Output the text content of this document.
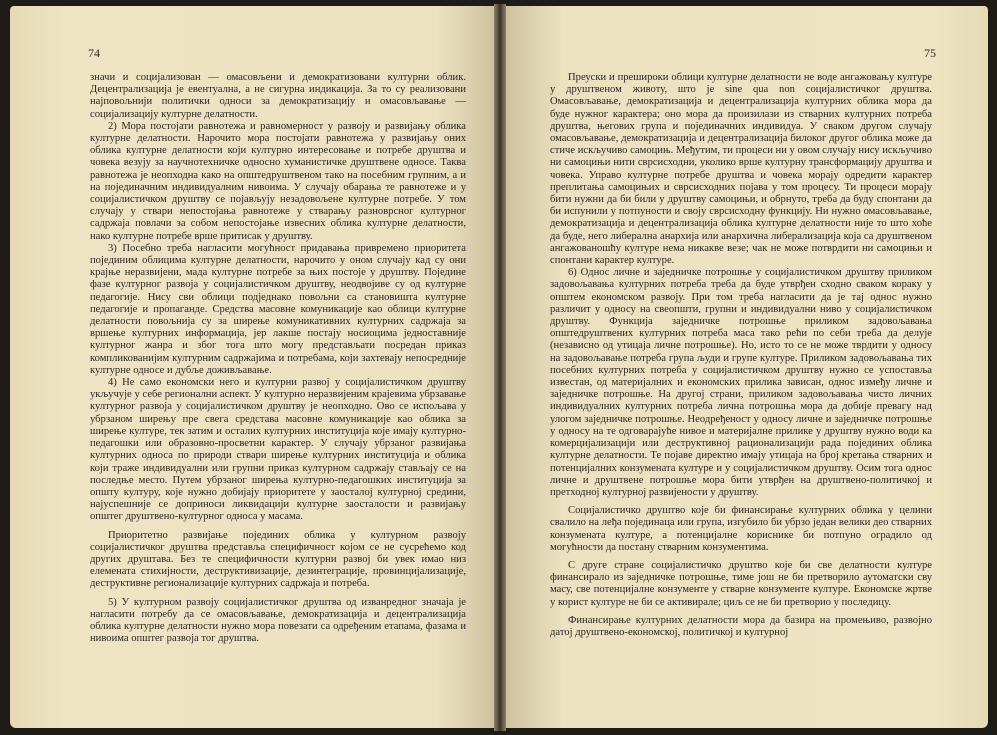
74

значи и социјализован — омасовљени и демократизовани културни облик. Децентрализација је евентуална, а не сигурна индикација. За то су реализовани најповољнији политички односи за демократизацију и омасовљавање — социјализацију културне делатности.

2) Мора постојати равнотежа и равномерност у развоју и развијању облика културне делатности. Нарочито мора постојати равнотежа у развијању оних облика културне делатности који културно интересовање и потребе друштва и човека везују за научнотехничке односно хуманистичке друштвене односе. Таква равнотежа је неопходна како на општедруштвеном тако на посебним групним, а и на појединачним индивидуалним нивоима. У случају обарања те равнотеже и у социјалистичком друштву се појављују незадовољене културне потребе. У том случају у ствари непостојања равнотеже у стварању разноврсног културног садржаја повлачи за собом непостојање извесних облика културне делатности, нако културне потребе врше притисак у друштву.

3) Посебно треба нагласити могућност придавања привремено приоритета појединим облицима културне делатности, нарочито у оном случају кад су они крајње неразвијени, мада културне потребе за њих постоје у друштву. Поједине фазе културног развоја у социјалистичком друштву, неодвојиве су од културне педагогије. Нису сви облици подједнако повољни са становишта културне педагогије и пропаганде. Средства масовне комуникације као облици културне делатности повољнија су за ширење комуникативних културних садржаја за вршење културних информација, јер лакше постају носиоцима једноставније културног жанра и због тога што могу представљати посредан приказ компликованијим културним садржајима и потребама, који захтевају непосредније културне односе и дубље доживљавање.

4) Не само економски него и културни развој у социјалистичком друштву укључује у себе регионални аспект. У културно неразвијеним крајевима убрзавање културног развоја у социјалистичком друштву је неопходно. Ово се испољава у убрзаном ширењу пре свега средстава масовне комуникације као облика за ширење културе, тек затим и осталих културних институција које имају културно-педагошки или образовно-просветни карактер. У случају убрзаног развијања културних односа по природи ствари ширење културних институција и облика који траже индивидуални или групни приказ културном садржају стављају се на последње место. Путем убрзаног ширења културно-педагошких институција за општу културу, које нужно добијају приоритете у заосталој културној средини, најуспешније се доприноси ликвидацији културне заосталости и развијању општег друштвено-културног односа у масама.

Приоритетно развијање појединих облика у културном развоју социјалистичког друштва представља специфичност којом се не сусрећемо код других друштава. Без те специфичности културни развој би увек имао низ елемената стихијности, деструктивизације, дезинтеграције, провинцијализације, деструктивне регионализације културних садржаја и потреба.

5) У културном развоју социјалистичког друштва од изванредног значаја је нагласити потребу да се омасовљавање, демократизација и децентрализација облика културне делатности нужно мора повезати са одређеним етапама, фазама и нивоима општег развоја тог друштва.

75

Преуски и прешироки облици културне делатности не воде ангажовању културе у друштвеном животу, што је sine qua non социјалистичког друштва. Омасовљавање, демократизација и децентрализација културних облика мора да буде нужног карактера; оно мора да произилази из стварних културних потреба друштва, његових група и појединачних индивидуа. У сваком другом случају омасовљавање, демократизација и децентрализација билоког другог облика може да стиче искључиво самоцињ. Међутим, ти процеси ни у овом случају нису искључиво ни самоцињи нити сврсисходни, уколико врше културну трансформацију друштва и човека. Управо културне потребе друштва и човека морају одредити карактер преплитања самоцињих и сврсисходних појава у том процесу. Ти процеси морају бити нужни да би били у друштву самоцињи, и обрнуто, треба да буду спонтани да би испунили у потпуности и своју сврсисходну функцију. Ни нужно омасовљавање, демократизација и децентрализација облика културне делатности није то што хоће да буде, него либерална анархија или анархична либерализација која са друштвеном ангажованошћу културе нема никакве везе; чак не може потврдити ни самоцињи и спонтани карактер културе.

6) Однос личне и заједничке потрошње у социјалистичком друштву приликом задовољавања културних потреба треба да буде утврђен сходно сваком кораку у општем економском развоју. При том треба нагласити да је тај однос нужно различит у односу на свеопшти, групни и индивидуални ниво у социјалистичком друштву. Функција заједничке потрошње приликом задовољавања општедруштвених културних потреба маса тако рећи по себи треба да делује (независно од утицаја личне потрошње). Но, исто то се не може тврдити у односу на задовољавање потреба група људи и групе културе. Приликом задовољавања тих посебних културних потреба у социјалистичком друштву нужно се успоставља известан, од материјалних и економских прилика зависан, однос између личне и заједничке потрошње. На другој страни, приликом задовољавања чисто личних индивидуалних културних потреба лична потрошња мора да добије превагу над улогом заједничке потрошње. Неодређеност у односу личне и заједничке потрошње у односу на те одговарајуће нивое и материјалне прилике у друштву нужно води ка комерцијализацији или деструктивној рационализацији рада појединих облика културне делатности. Те појаве директно имају утицаја на број кретања стварних и потенцијалних конзумената културе и у социјалистичком друштву. Осим тога однос личне и друштвене потрошње мора бити утврђен на друштвено-политичкој и претходној културној развијености у друштву.

Социјалистичко друштво које би финансирање културних облика у целини свалило на леђа појединаца или група, изгубило би убрзо један велики део стварних конзумената културе, а потенцијалне кориснике би потпуно оградило од могућности да постану стварним конзументима.

С друге стране социјалистичко друштво које би све делатности културе финансирало из заједничке потрошње, тиме још не би претворило аутоматски сву масу, све потенцијалне конзументе у стварне конзументе културе. Економске жртве у корист културе не би се активирале; циљ се не би претворио у последицу.

Финансирање културних делатности мора да базира на промењиво, развојно датој друштвено-економској, политичкој и културној
